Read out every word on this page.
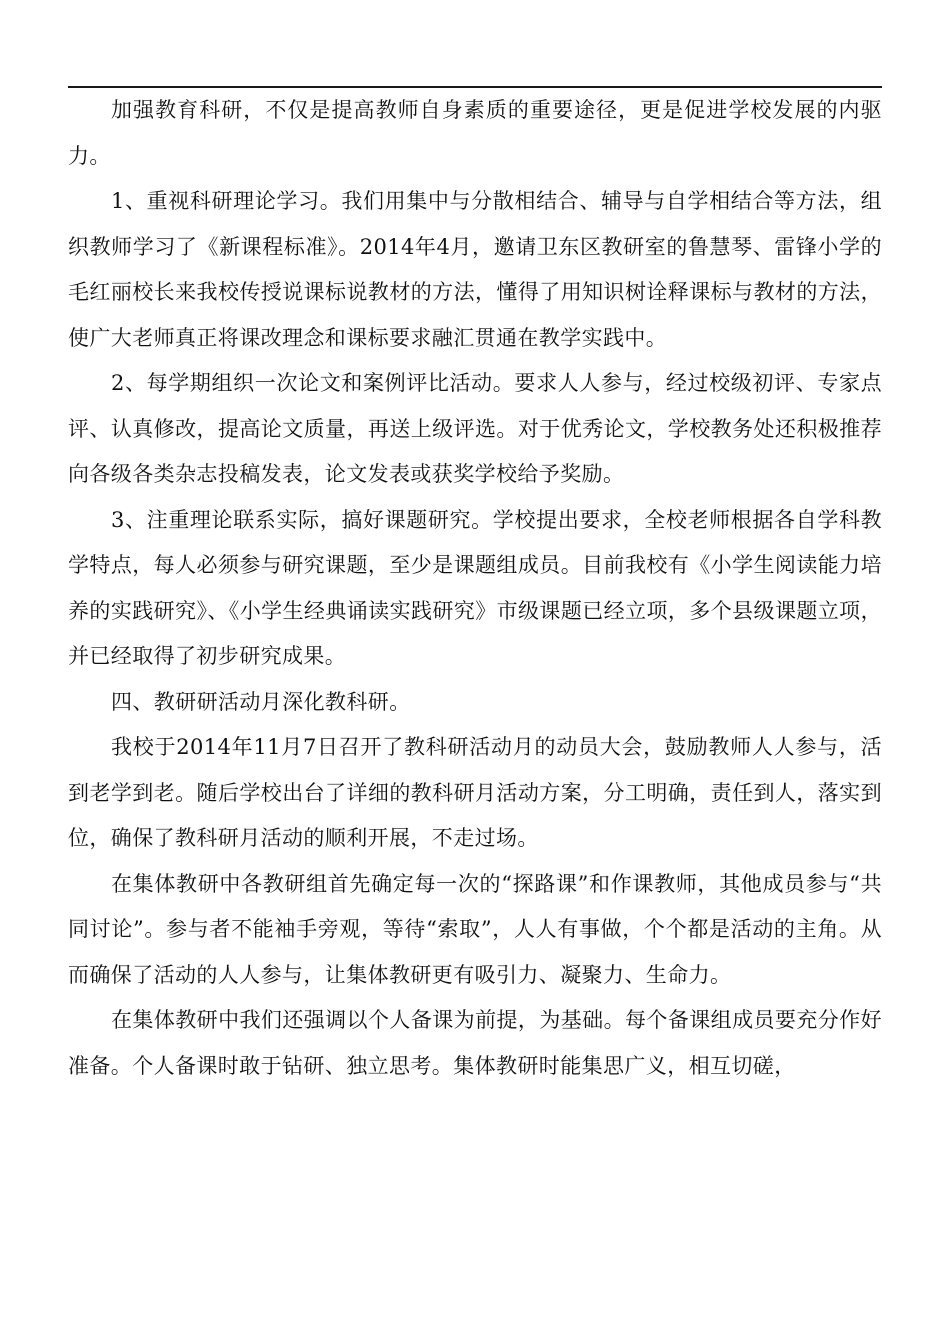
加强教育科研，不仅是提高教师自身素质的重要途径，更是促进学校发展的内驱力。

1、重视科研理论学习。我们用集中与分散相结合、辅导与自学相结合等方法，组织教师学习了《新课程标准》。2014年4月，邀请卫东区教研室的鲁慧琴、雷锋小学的毛红丽校长来我校传授说课标说教材的方法，懂得了用知识树诠释课标与教材的方法，使广大老师真正将课改理念和课标要求融汇贯通在教学实践中。

2、每学期组织一次论文和案例评比活动。要求人人参与，经过校级初评、专家点评、认真修改，提高论文质量，再送上级评选。对于优秀论文，学校教务处还积极推荐向各级各类杂志投稿发表，论文发表或获奖学校给予奖励。

3、注重理论联系实际，搞好课题研究。学校提出要求，全校老师根据各自学科教学特点，每人必须参与研究课题，至少是课题组成员。目前我校有《小学生阅读能力培养的实践研究》、《小学生经典诵读实践研究》市级课题已经立项，多个县级课题立项，并已经取得了初步研究成果。

四、教研研活动月深化教科研。

我校于2014年11月7日召开了教科研活动月的动员大会，鼓励教师人人参与，活到老学到老。随后学校出台了详细的教科研月活动方案，分工明确，责任到人，落实到位，确保了教科研月活动的顺利开展，不走过场。

在集体教研中各教研组首先确定每一次的“探路课”和作课教师，其他成员参与“共同讨论”。参与者不能袖手旁观，等待“索取”，人人有事做，个个都是活动的主角。从而确保了活动的人人参与，让集体教研更有吸引力、凝聚力、生命力。

在集体教研中我们还强调以个人备课为前提，为基础。每个备课组成员要充分作好准备。个人备课时敢于钻研、独立思考。集体教研时能集思广义，相互切磋，
